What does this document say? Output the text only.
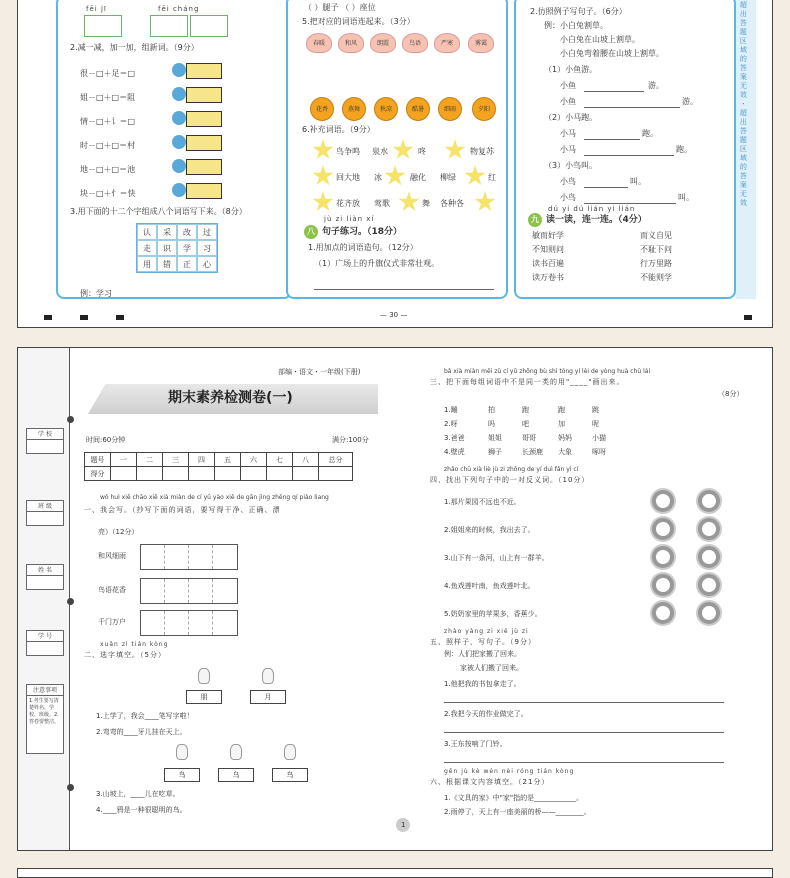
fēi jī	fēi cháng
2.减一减，加一加，组新词。（9分）
很－□＋足＝□
姐－□＋□＝阻
情－□＋讠＝□
时－□＋□＝村
地－□＋□＝池
块－□＋忄＝快
3.用下面的十二个字组成八个词语写下来。（8分）
认	采	改	过
走	识	学	习
用	错	正	心
例：学习
（ ）腿子 （ ）座位
5.把对应的词语连起来。（3分）
春暖	和风	朗霞	鸟语	严寒	雾霭
花香	燕舞	秋凉	酷暑	细雨	夕阳
6.补充词语。（9分）
鸟争鸣 泉水	咚	物复苏
回大地 冰	融化 柳绿	红
花齐放 莺歌	舞 各种各
jù zi liàn xí
八 句子练习。（18分）
1.用加点的词语造句。（12分）
（1）广场上的升旗仪式非常壮观。
2.仿照例子写句子。（6分）
例：小白兔割草。
小白兔在山坡上割草。
小白兔弯着腰在山坡上割草。
（1）小鱼游。
小鱼	游。
小鱼	游。
（2）小马跑。
小马	跑。
小马	跑。
（3）小鸟叫。
小鸟	叫。
小鸟	叫。
dú yi dú lián yi lián
九 读一读，连一连。（4分）
敏而好学
不知则问
读书百遍
读万卷书
而义自见
不耻下问
行万里路
不能则学
超出答题区域的答案无效・超出答题区域的答案无效
— 30 —
学 校
班 级
姓 名
学 号
注意事项
1.考生要写清楚姓名、学校、班级。2.答卷要整洁。
部编・语文・一年级(下册)
期末素养检测卷(一)
时间:60分钟	满分:100分
题号	一	二	三	四	五	六	七	八	总分
得分									
wǒ huì xiě chāo xiě xià miàn de cí yǔ yào xiě de gān jìng zhěng qí piào liang
一、我会写。（抄写下面的词语，要写得干净、正确、漂
亮）（12分）
和风细雨
鸟语花香
千门万户
xuǎn zì tián kòng
二、选字填空。（5分）
朋	月
1.上学了，我会____笔写字啦！
2.弯弯的____牙儿挂在天上。
鸟	乌	鸟
3.山坡上，____儿在吃草。
4.____鸦是一种很聪明的鸟。
bǎ xià miàn měi zǔ cí yǔ zhōng bù shì tóng yí lèi de yòng huà chū lái
三、把下面每组词语中不是同一类的用"____"画出来。
（8分）
1.蹦	拍	跑	跑	跳
2.呀	吗	吧	加	呢
3.爸爸	姐姐	哥哥	妈妈	小猫
4.壁虎	狮子	长颈鹿 大象	啄呀
zhǎo chū xià liè jù zi zhōng de yí duì fǎn yì cí
四、找出下列句子中的一对反义词。（10分）
1.那片果园不远也不近。
2.姐姐来的时候，我出去了。
3.山下有一条河，山上有一群羊。
4.鱼戏莲叶南，鱼戏莲叶北。
5.奶奶家里的苹果多，香蕉少。
zhào yàng zi xiě jù zi
五、照样子，写句子。（9分）
例：人们把家搬了回来。
家被人们搬了回来。
1.他把我的书包拿走了。
2.我把今天的作业做完了。
3.王东按响了门铃。
gēn jù kè wén nèi róng tián kòng
六、根据课文内容填空。（21分）
1.《文具的家》中"家"指的是____________。
2.雨停了，天上有一座美丽的桥——________。
1
